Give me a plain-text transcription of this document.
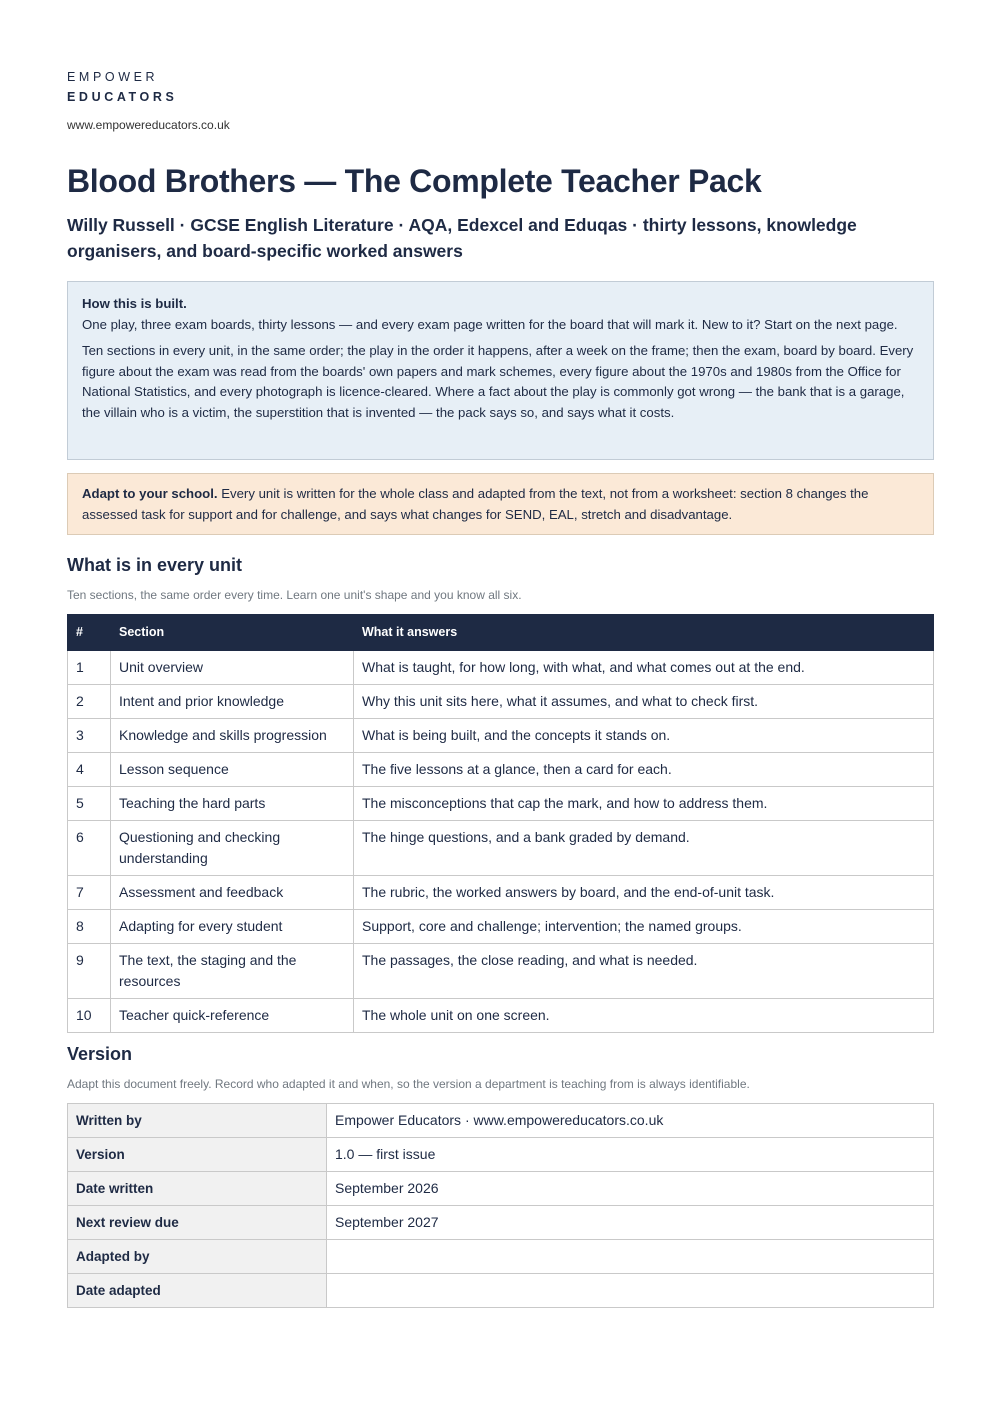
EMPOWER
EDUCATORS
www.empowereducators.co.uk
Blood Brothers — The Complete Teacher Pack
Willy Russell · GCSE English Literature · AQA, Edexcel and Eduqas · thirty lessons, knowledge organisers, and board-specific worked answers
How this is built.

One play, three exam boards, thirty lessons — and every exam page written for the board that will mark it. New to it? Start on the next page.

Ten sections in every unit, in the same order; the play in the order it happens, after a week on the frame; then the exam, board by board. Every figure about the exam was read from the boards' own papers and mark schemes, every figure about the 1970s and 1980s from the Office for National Statistics, and every photograph is licence-cleared. Where a fact about the play is commonly got wrong — the bank that is a garage, the villain who is a victim, the superstition that is invented — the pack says so, and says what it costs.

Adapt to your school. Every unit is written for the whole class and adapted from the text, not from a worksheet: section 8 changes the assessed task for support and for challenge, and says what changes for SEND, EAL, stretch and disadvantage.
What is in every unit
Ten sections, the same order every time. Learn one unit's shape and you know all six.
#	Section	What it answers
1	Unit overview	What is taught, for how long, with what, and what comes out at the end.
2	Intent and prior knowledge	Why this unit sits here, what it assumes, and what to check first.
3	Knowledge and skills progression	What is being built, and the concepts it stands on.
4	Lesson sequence	The five lessons at a glance, then a card for each.
5	Teaching the hard parts	The misconceptions that cap the mark, and how to address them.
6	Questioning and checking understanding	The hinge questions, and a bank graded by demand.
7	Assessment and feedback	The rubric, the worked answers by board, and the end-of-unit task.
8	Adapting for every student	Support, core and challenge; intervention; the named groups.
9	The text, the staging and the resources	The passages, the close reading, and what is needed.
10	Teacher quick-reference	The whole unit on one screen.
Version
Adapt this document freely. Record who adapted it and when, so the version a department is teaching from is always identifiable.
Written by	Empower Educators · www.empowereducators.co.uk
Version	1.0 — first issue
Date written	September 2026
Next review due	September 2027
Adapted by	
Date adapted	
